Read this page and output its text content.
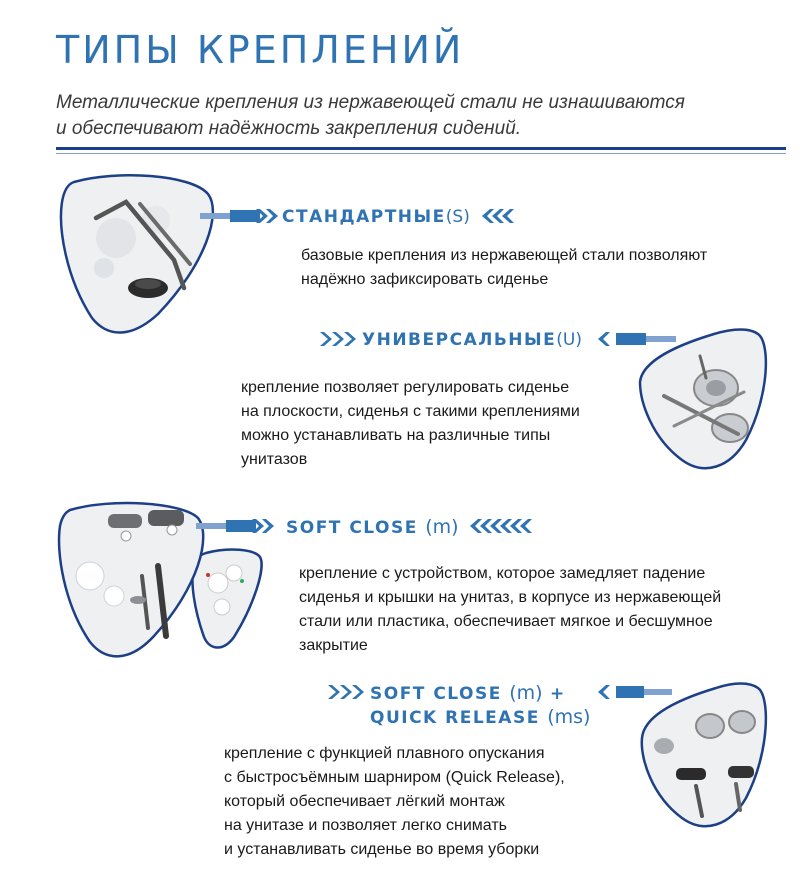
ТИПЫ КРЕПЛЕНИЙ
Металлические крепления из нержавеющей стали не изнашиваются
и обеспечивают надёжность закрепления сидений.
СТАНДАРТНЫЕ(S)
базовые крепления из нержавеющей стали позволяют
надёжно зафиксировать сиденье
УНИВЕРСАЛЬНЫЕ(U)
крепление позволяет регулировать сиденье
на плоскости, сиденья с такими креплениями
можно устанавливать на различные типы
унитазов
SOFT CLOSE (m)
крепление с устройством, которое замедляет падение
сиденья и крышки на унитаз, в корпусе из нержавеющей
стали или пластика, обеспечивает мягкое и бесшумное
закрытие
SOFT CLOSE (m) +
QUICK RELEASE (ms)
крепление с функцией плавного опускания
с быстросъёмным шарниром (Quick Release),
который обеспечивает лёгкий монтаж
на унитазе и позволяет легко снимать
и устанавливать сиденье во время уборки
